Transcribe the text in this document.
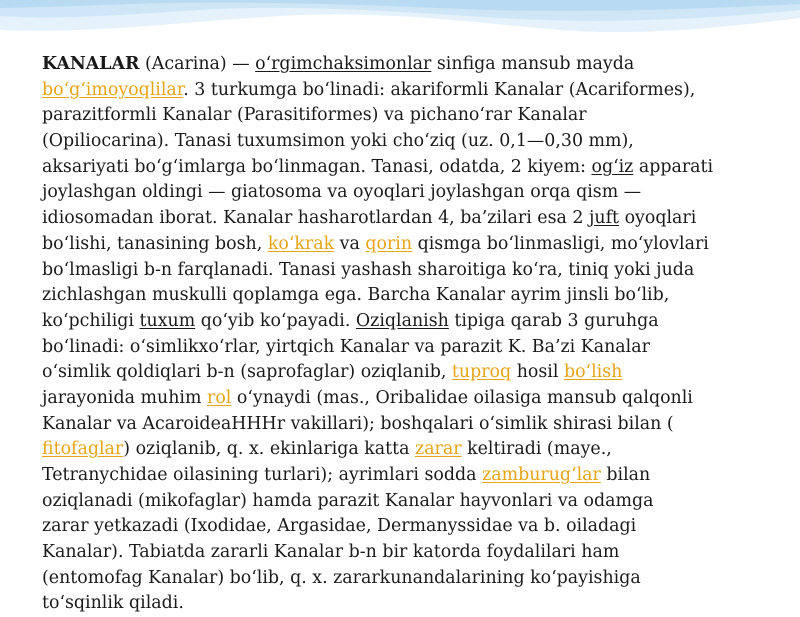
KANALAR (Acarina) — o‘rgimchaksimonlar sinfiga mansub mayda
bo‘g‘imoyoqlilar. 3 turkumga bo‘linadi: akariformli Kanalar (Acariformes),
parazitformli Kanalar (Parasitiformes) va pichano‘rar Kanalar
(Opiliocarina). Tanasi tuxumsimon yoki cho‘ziq (uz. 0,1—0,30 mm),
aksariyati bo‘g‘imlarga bo‘linmagan. Tanasi, odatda, 2 kiyem: og‘iz apparati
joylashgan oldingi — giatosoma va oyoqlari joylashgan orqa qism —
idiosomadan iborat. Kanalar hasharotlardan 4, ba’zilari esa 2 juft oyoqlari
bo‘lishi, tanasining bosh, ko‘krak va qorin qismga bo‘linmasligi, mo‘ylovlari
bo‘lmasligi b-n farqlanadi. Tanasi yashash sharoitiga ko‘ra, tiniq yoki juda
zichlashgan muskulli qoplamga ega. Barcha Kanalar ayrim jinsli bo‘lib,
ko‘pchiligi tuxum qo‘yib ko‘payadi. Oziqlanish tipiga qarab 3 guruhga
bo‘linadi: o‘simlikxo‘rlar, yirtqich Kanalar va parazit K. Ba’zi Kanalar
o‘simlik qoldiqlari b-n (saprofaglar) oziqlanib, tuproq hosil bo‘lish
jarayonida muhim rol o‘ynaydi (mas., Oribalidae oilasiga mansub qalqonli
Kanalar va AcaroideaHHHr vakillari); boshqalari o‘simlik shirasi bilan (
fitofaglar) oziqlanib, q. x. ekinlariga katta zarar keltiradi (maye.,
Tetranychidae oilasining turlari); ayrimlari sodda zamburug‘lar bilan
oziqlanadi (mikofaglar) hamda parazit Kanalar hayvonlari va odamga
zarar yetkazadi (Ixodidae, Argasidae, Dermanyssidae va b. oiladagi
Kanalar). Tabiatda zararli Kanalar b-n bir katorda foydalilari ham
(entomofag Kanalar) bo‘lib, q. x. zararkunandalarining ko‘payishiga
to‘sqinlik qiladi.
